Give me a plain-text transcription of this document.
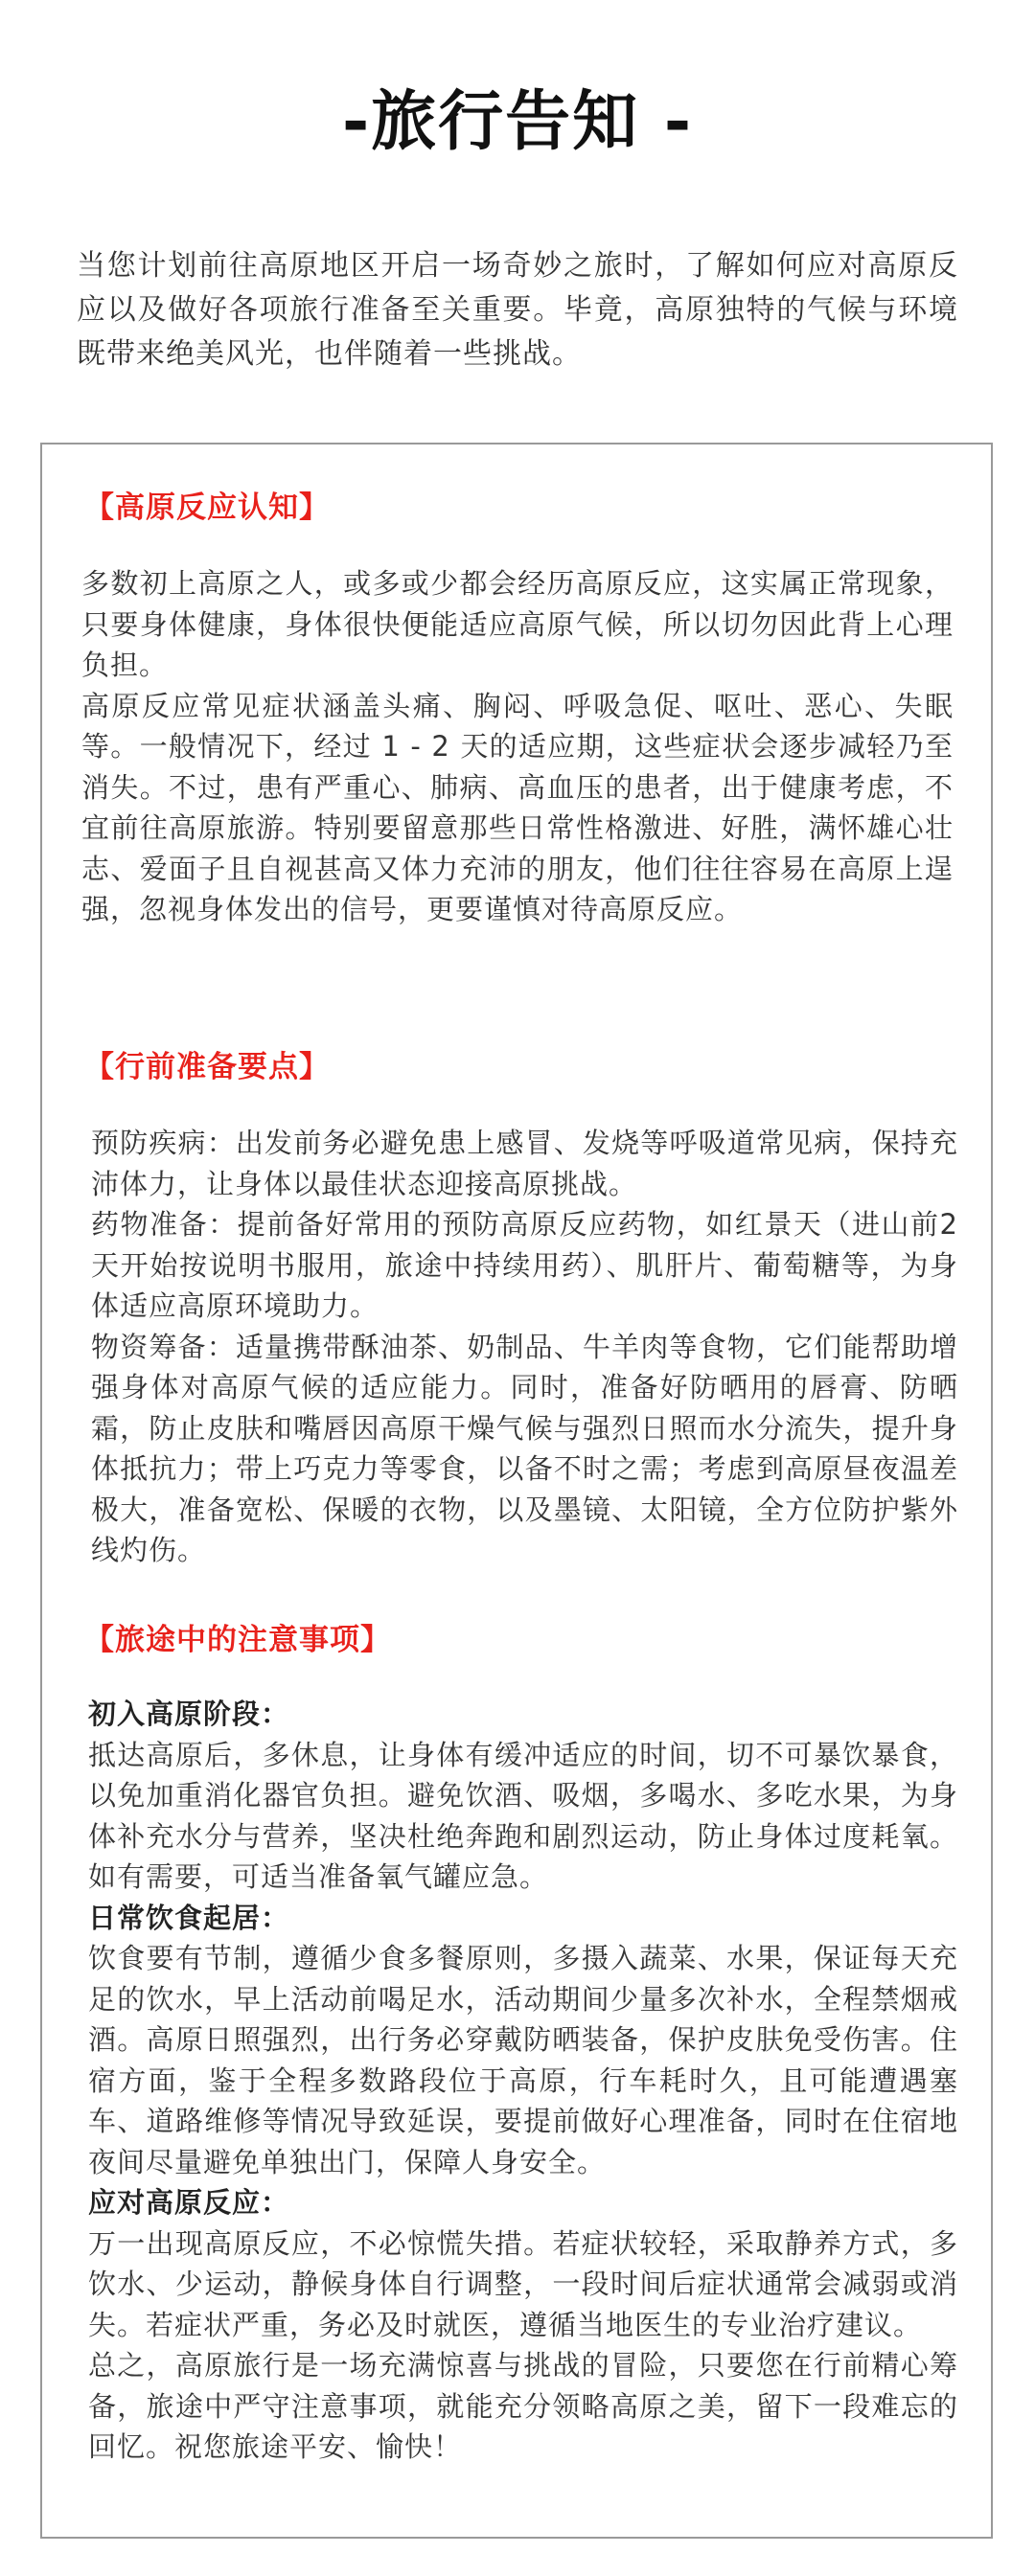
-旅行告知 -

当您计划前往高原地区开启一场奇妙之旅时，了解如何应对高原反应以及做好各项旅行准备至关重要。毕竟，高原独特的气候与环境既带来绝美风光，也伴随着一些挑战。

【高原反应认知】

多数初上高原之人，或多或少都会经历高原反应，这实属正常现象，只要身体健康，身体很快便能适应高原气候，所以切勿因此背上心理负担。

高原反应常见症状涵盖头痛、胸闷、呼吸急促、呕吐、恶心、失眠等。一般情况下，经过 1 - 2 天的适应期，这些症状会逐步减轻乃至消失。不过，患有严重心、肺病、高血压的患者，出于健康考虑，不宜前往高原旅游。特别要留意那些日常性格激进、好胜，满怀雄心壮志、爱面子且自视甚高又体力充沛的朋友，他们往往容易在高原上逞强，忽视身体发出的信号，更要谨慎对待高原反应。

【行前准备要点】

预防疾病：出发前务必避免患上感冒、发烧等呼吸道常见病，保持充沛体力，让身体以最佳状态迎接高原挑战。

药物准备：提前备好常用的预防高原反应药物，如红景天（进山前2天开始按说明书服用，旅途中持续用药）、肌肝片、葡萄糖等，为身体适应高原环境助力。

物资筹备：适量携带酥油茶、奶制品、牛羊肉等食物，它们能帮助增强身体对高原气候的适应能力。同时，准备好防晒用的唇膏、防晒霜，防止皮肤和嘴唇因高原干燥气候与强烈日照而水分流失，提升身体抵抗力；带上巧克力等零食，以备不时之需；考虑到高原昼夜温差极大，准备宽松、保暖的衣物，以及墨镜、太阳镜，全方位防护紫外线灼伤。

【旅途中的注意事项】

初入高原阶段：

抵达高原后，多休息，让身体有缓冲适应的时间，切不可暴饮暴食，以免加重消化器官负担。避免饮酒、吸烟，多喝水、多吃水果，为身体补充水分与营养，坚决杜绝奔跑和剧烈运动，防止身体过度耗氧。如有需要，可适当准备氧气罐应急。

日常饮食起居：

饮食要有节制，遵循少食多餐原则，多摄入蔬菜、水果，保证每天充足的饮水，早上活动前喝足水，活动期间少量多次补水，全程禁烟戒酒。高原日照强烈，出行务必穿戴防晒装备，保护皮肤免受伤害。住宿方面，鉴于全程多数路段位于高原，行车耗时久，且可能遭遇塞车、道路维修等情况导致延误，要提前做好心理准备，同时在住宿地夜间尽量避免单独出门，保障人身安全。

应对高原反应：

万一出现高原反应，不必惊慌失措。若症状较轻，采取静养方式，多饮水、少运动，静候身体自行调整，一段时间后症状通常会减弱或消失。若症状严重，务必及时就医，遵循当地医生的专业治疗建议。

总之，高原旅行是一场充满惊喜与挑战的冒险，只要您在行前精心筹备，旅途中严守注意事项，就能充分领略高原之美，留下一段难忘的回忆。祝您旅途平安、愉快！
